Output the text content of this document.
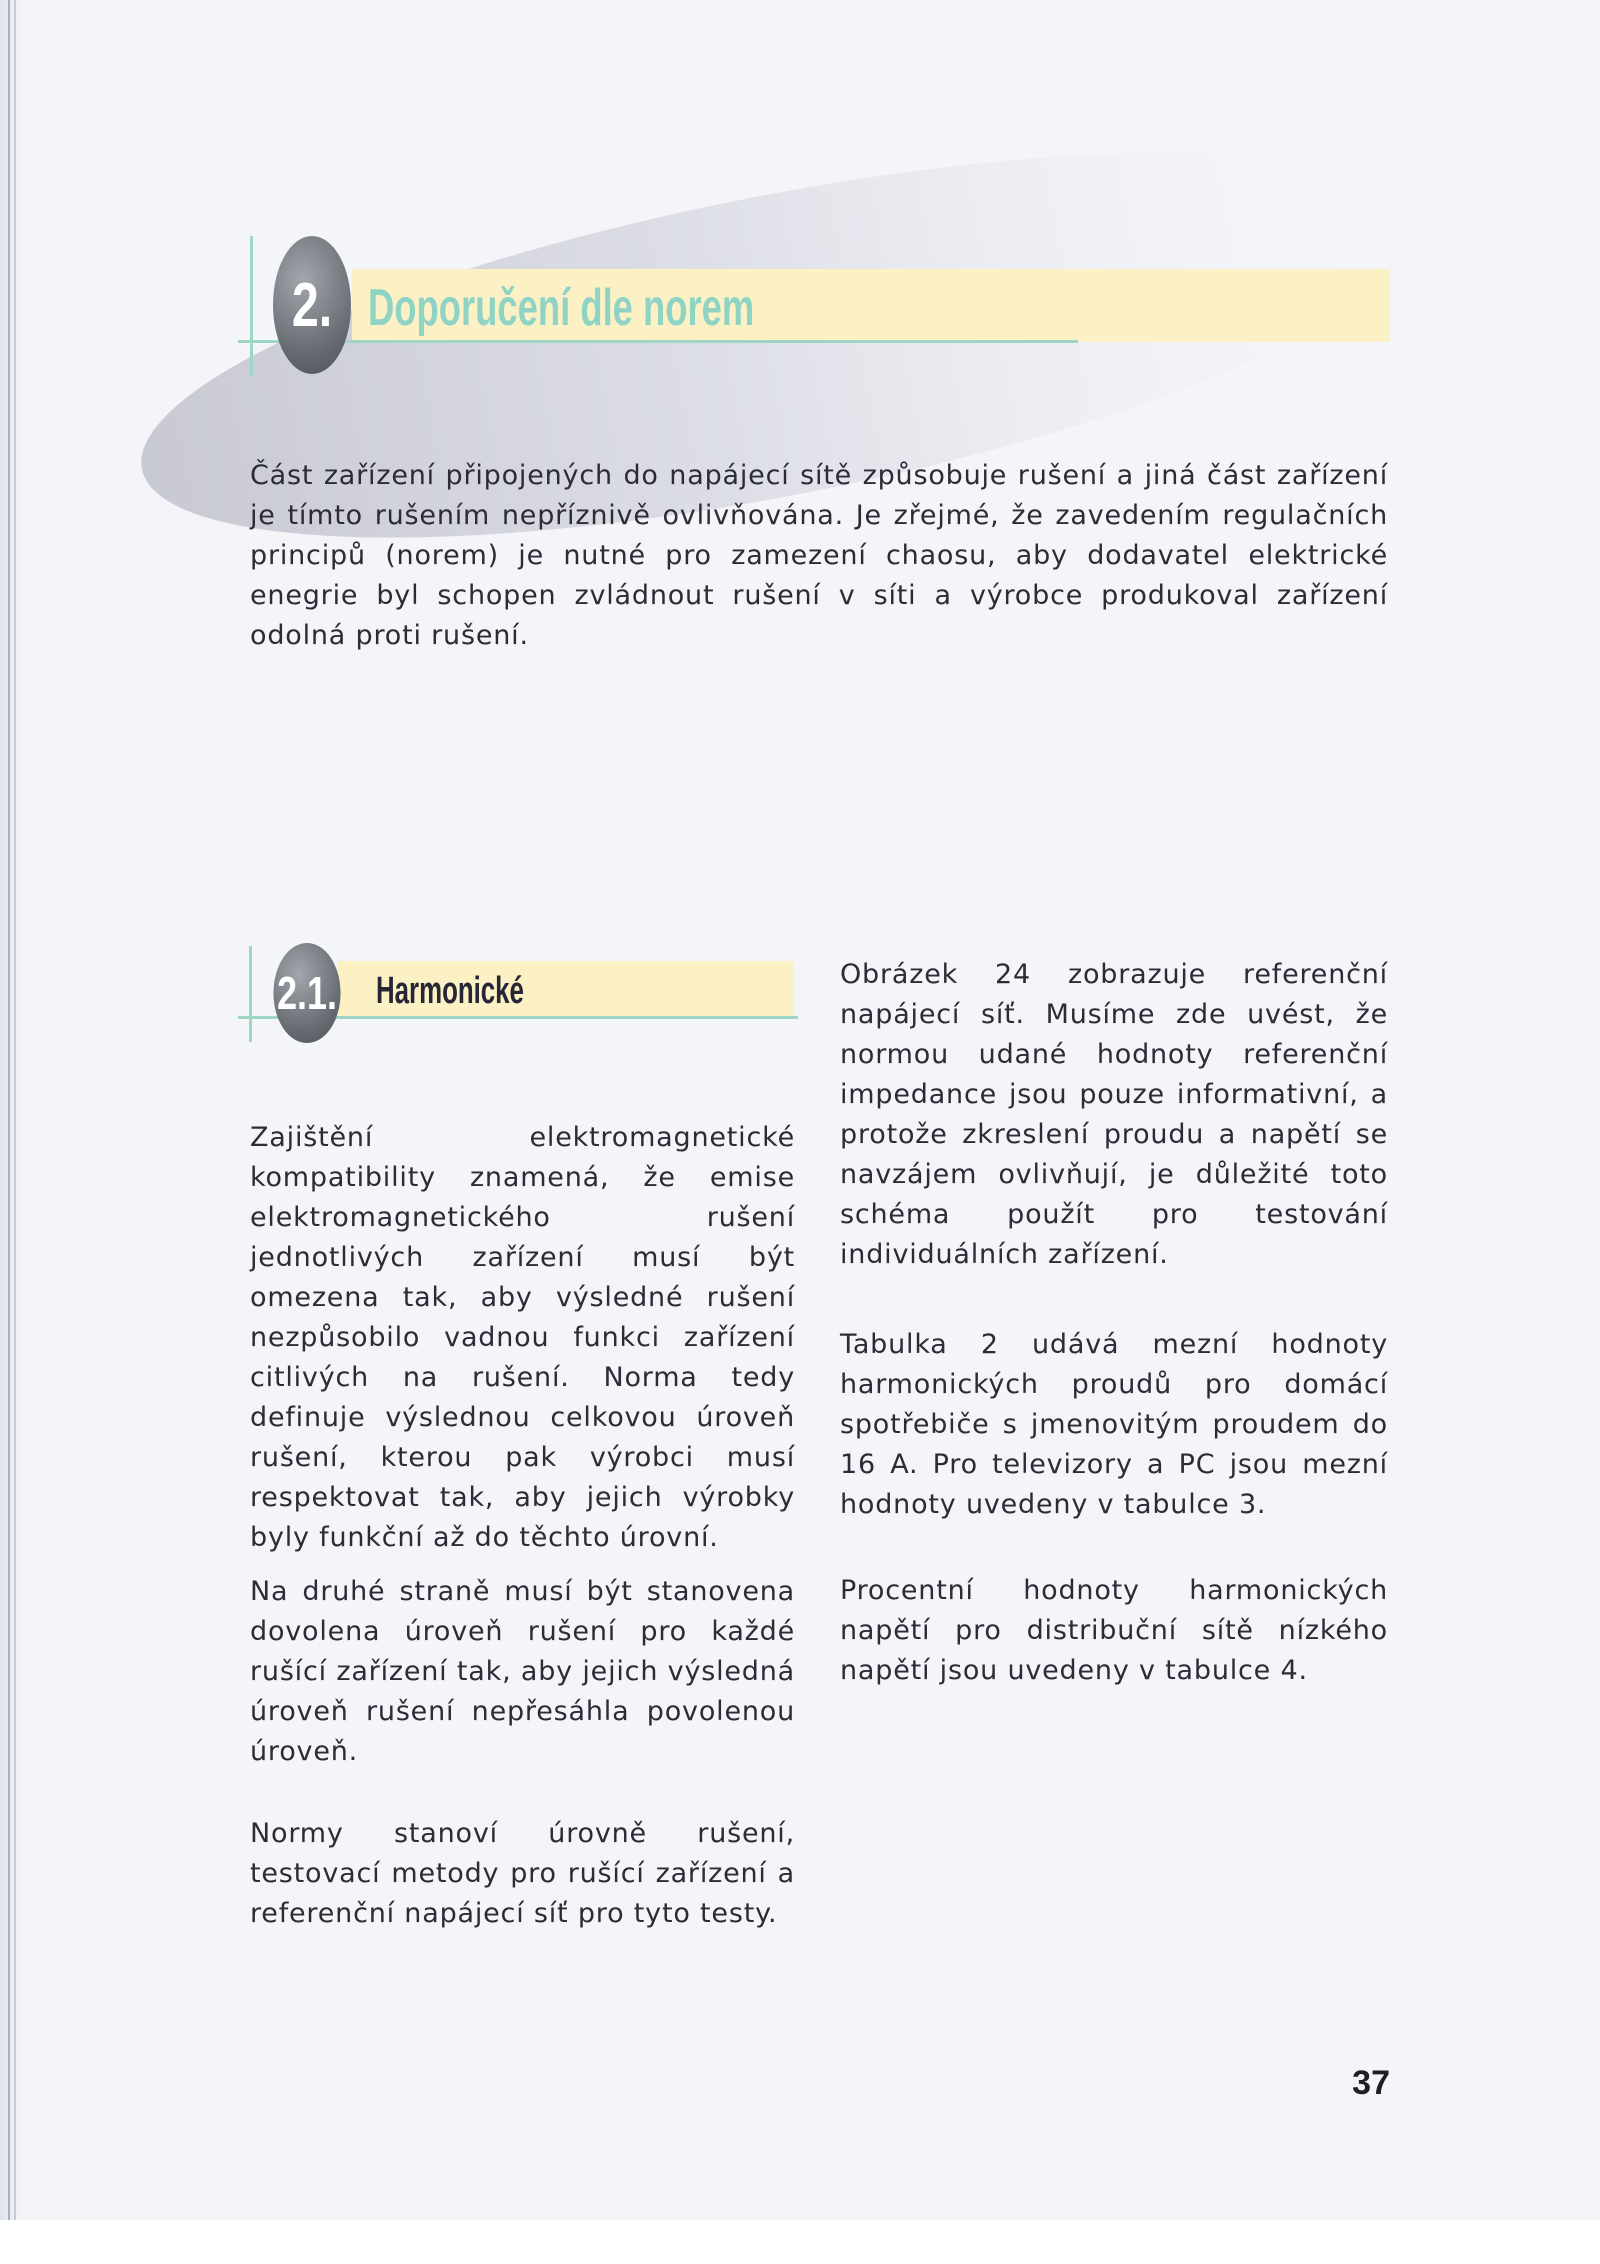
2. Doporučení dle norem

Část zařízení připojených do napájecí sítě způsobuje rušení a jiná část zařízení je tímto rušením nepříznivě ovlivňována. Je zřejmé, že zavedením regulačních principů (norem) je nutné pro zamezení chaosu, aby dodavatel elektrické enegrie byl schopen zvládnout rušení v síti a výrobce produkoval zařízení odolná proti rušení.

2.1. Harmonické

Zajištění elektromagnetické kompatibility znamená, že emise elektromagnetického rušení jednotlivých zařízení musí být omezena tak, aby výsledné rušení nezpůsobilo vadnou funkci zařízení citlivých na rušení. Norma tedy definuje výslednou celkovou úroveň rušení, kterou pak výrobci musí respektovat tak, aby jejich výrobky byly funkční až do těchto úrovní.

Na druhé straně musí být stanovena dovolena úroveň rušení pro každé rušící zařízení tak, aby jejich výsledná úroveň rušení nepřesáhla povolenou úroveň.

Normy stanoví úrovně rušení, testovací metody pro rušící zařízení a referenční napájecí síť pro tyto testy.

Obrázek 24 zobrazuje referenční napájecí síť. Musíme zde uvést, že normou udané hodnoty referenční impedance jsou pouze informativní, a protože zkreslení proudu a napětí se navzájem ovlivňují, je důležité toto schéma použít pro testování individuálních zařízení.

Tabulka 2 udává mezní hodnoty harmonických proudů pro domácí spotřebiče s jmenovitým proudem do 16 A. Pro televizory a PC jsou mezní hodnoty uvedeny v tabulce 3.

Procentní hodnoty harmonických napětí pro distribuční sítě nízkého napětí jsou uvedeny v tabulce 4.

37
